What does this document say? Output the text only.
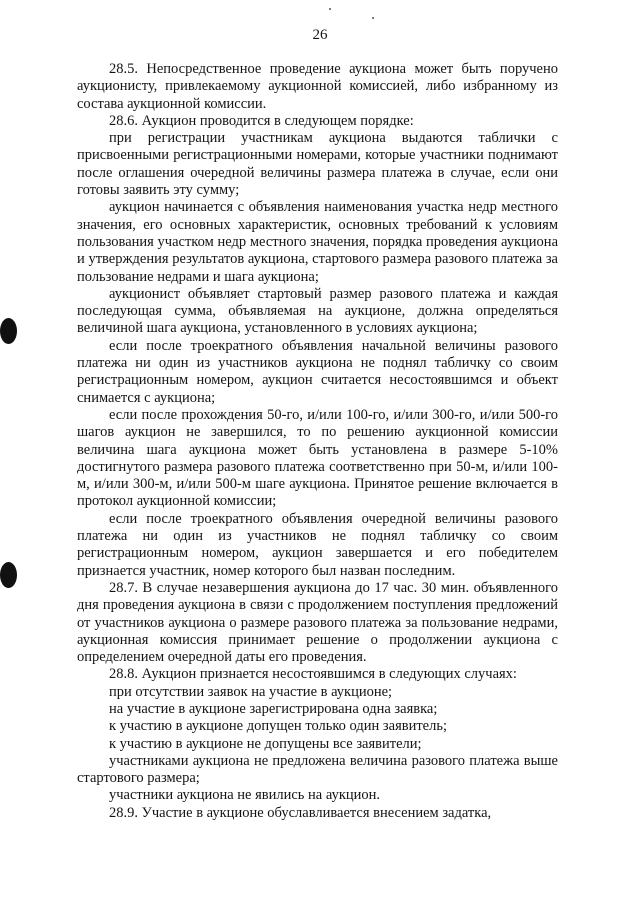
26

28.5. Непосредственное проведение аукциона может быть поручено аукционисту, привлекаемому аукционной комиссией, либо избранному из состава аукционной комиссии.

28.6. Аукцион проводится в следующем порядке:

при регистрации участникам аукциона выдаются таблички с присвоенными регистрационными номерами, которые участники поднимают после оглашения очередной величины размера платежа в случае, если они готовы заявить эту сумму;

аукцион начинается с объявления наименования участка недр местного значения, его основных характеристик, основных требований к условиям пользования участком недр местного значения, порядка проведения аукциона и утверждения результатов аукциона, стартового размера разового платежа за пользование недрами и шага аукциона;

аукционист объявляет стартовый размер разового платежа и каждая последующая сумма, объявляемая на аукционе, должна определяться величиной шага аукциона, установленного в условиях аукциона;

если после троекратного объявления начальной величины разового платежа ни один из участников аукциона не поднял табличку со своим регистрационным номером, аукцион считается несостоявшимся и объект снимается с аукциона;

если после прохождения 50-го, и/или 100-го, и/или 300-го, и/или 500-го шагов аукцион не завершился, то по решению аукционной комиссии величина шага аукциона может быть установлена в размере 5-10% достигнутого размера разового платежа соответственно при 50-м, и/или 100-м, и/или 300-м, и/или 500-м шаге аукциона. Принятое решение включается в протокол аукционной комиссии;

если после троекратного объявления очередной величины разового платежа ни один из участников не поднял табличку со своим регистрационным номером, аукцион завершается и его победителем признается участник, номер которого был назван последним.

28.7. В случае незавершения аукциона до 17 час. 30 мин. объявленного дня проведения аукциона в связи с продолжением поступления предложений от участников аукциона о размере разового платежа за пользование недрами, аукционная комиссия принимает решение о продолжении аукциона с определением очередной даты его проведения.

28.8. Аукцион признается несостоявшимся в следующих случаях:

при отсутствии заявок на участие в аукционе;

на участие в аукционе зарегистрирована одна заявка;

к участию в аукционе допущен только один заявитель;

к участию в аукционе не допущены все заявители;

участниками аукциона не предложена величина разового платежа выше стартового размера;

участники аукциона не явились на аукцион.

28.9. Участие в аукционе обуславливается внесением задатка,
